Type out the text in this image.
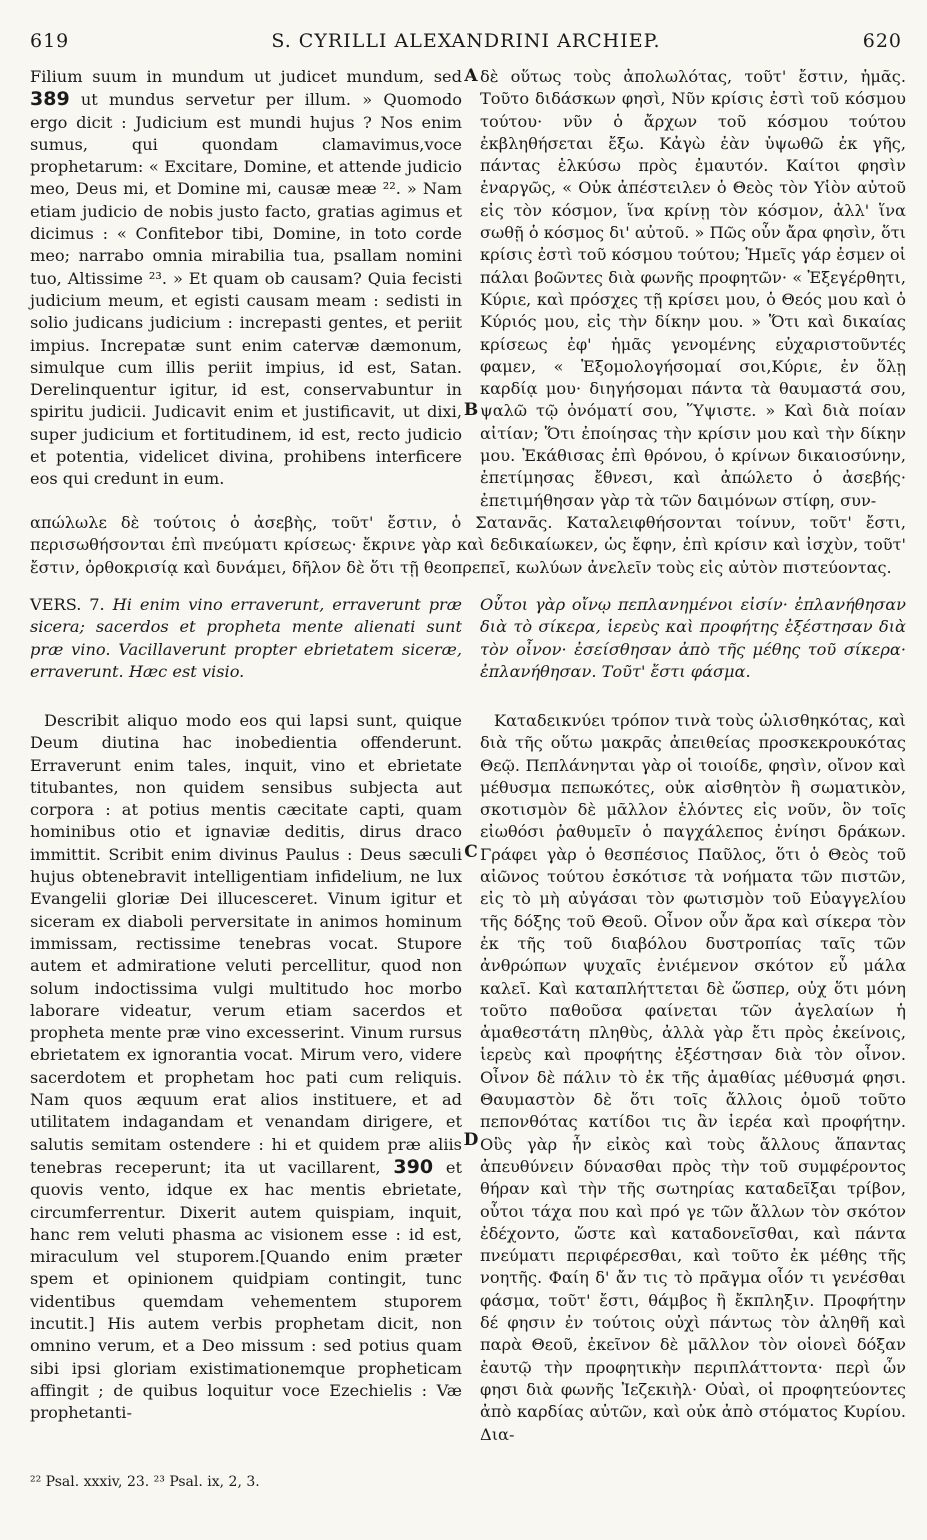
619	S. CYRILLI ALEXANDRINI ARCHIEP.	620

Filium suum in mundum ut judicet mundum, sed 389 ut mundus servetur per illum. » Quomodo ergo dicit : Judicium est mundi hujus ? Nos enim sumus, qui quondam clamavimus,voce prophetarum: « Excitare, Domine, et attende judicio meo, Deus mi, et Domine mi, causæ meæ ²². » Nam etiam judicio de nobis justo facto, gratias agimus et dicimus : « Confitebor tibi, Domine, in toto corde meo; narrabo omnia mirabilia tua, psallam nomini tuo, Altissime ²³. » Et quam ob causam? Quia fecisti judicium meum, et egisti causam meam : sedisti in solio judicans judicium : increpasti gentes, et periit impius. Increpatæ sunt enim catervæ dæmonum, simulque cum illis periit impius, id est, Satan. Derelinquentur igitur, id est, conservabuntur in spiritu judicii. Judicavit enim et justificavit, ut dixi, super judicium et fortitudinem, id est, recto judicio et potentia, videlicet divina, prohibens interficere eos qui credunt in eum.

δὲ οὕτως τοὺς ἀπολωλότας, τοῦτ' ἔστιν, ἡμᾶς. Τοῦτο διδάσκων φησὶ, Νῦν κρίσις ἐστὶ τοῦ κόσμου τούτου· νῦν ὁ ἄρχων τοῦ κόσμου τούτου ἐκβληθήσεται ἔξω. Κἀγὼ ἐὰν ὑψωθῶ ἐκ γῆς, πάντας ἑλκύσω πρὸς ἐμαυτόν. Καίτοι φησὶν ἐναργῶς, « Οὐκ ἀπέστειλεν ὁ Θεὸς τὸν Υἱὸν αὐτοῦ εἰς τὸν κόσμον, ἵνα κρίνῃ τὸν κόσμον, ἀλλ' ἵνα σωθῇ ὁ κόσμος δι' αὐτοῦ. » Πῶς οὖν ἄρα φησὶν, ὅτι κρίσις ἐστὶ τοῦ κόσμου τούτου; Ἡμεῖς γάρ ἐσμεν οἱ πάλαι βοῶντες διὰ φωνῆς προφητῶν· « Ἐξεγέρθητι, Κύριε, καὶ πρόσχες τῇ κρίσει μου, ὁ Θεός μου καὶ ὁ Κύριός μου, εἰς τὴν δίκην μου. » Ὅτι καὶ δικαίας κρίσεως ἐφ' ἡμᾶς γενομένης εὐχαριστοῦντές φαμεν, « Ἐξομολογήσομαί σοι,Κύριε, ἐν ὅλῃ καρδίᾳ μου· διηγήσομαι πάντα τὰ θαυμαστά σου, ψαλῶ τῷ ὀνόματί σου, Ὕψιστε. » Καὶ διὰ ποίαν αἰτίαν; Ὅτι ἐποίησας τὴν κρίσιν μου καὶ τὴν δίκην μου. Ἐκάθισας ἐπὶ θρόνου, ὁ κρίνων δικαιοσύνην, ἐπετίμησας ἔθνεσι, καὶ ἀπώλετο ὁ ἀσεβής· ἐπετιμήθησαν γὰρ τὰ τῶν δαιμόνων στίφη, συν-

A
B

απώλωλε δὲ τούτοις ὁ ἀσεβὴς, τοῦτ' ἔστιν, ὁ Σατανᾶς. Καταλειφθήσονται τοίνυν, τοῦτ' ἔστι, περισωθήσονται ἐπὶ πνεύματι κρίσεως· ἔκρινε γὰρ καὶ δεδικαίωκεν, ὡς ἔφην, ἐπὶ κρίσιν καὶ ἰσχὺν, τοῦτ' ἔστιν, ὀρθοκρισίᾳ καὶ δυνάμει, δῆλον δὲ ὅτι τῇ θεοπρεπεῖ, κωλύων ἀνελεῖν τοὺς εἰς αὐτὸν πιστεύοντας.

VERS. 7. Hi enim vino erraverunt, erraverunt præ sicera; sacerdos et propheta mente alienati sunt præ vino. Vacillaverunt propter ebrietatem siceræ, erraverunt. Hæc est visio.

Οὗτοι γὰρ οἴνῳ πεπλανημένοι εἰσίν· ἐπλανήθησαν διὰ τὸ σίκερα, ἱερεὺς καὶ προφήτης ἐξέστησαν διὰ τὸν οἶνον· ἐσείσθησαν ἀπὸ τῆς μέθης τοῦ σίκερα· ἐπλανήθησαν. Τοῦτ' ἔστι φάσμα.

Describit aliquo modo eos qui lapsi sunt, quique Deum diutina hac inobedientia offenderunt. Erraverunt enim tales, inquit, vino et ebrietate titubantes, non quidem sensibus subjecta aut corpora : at potius mentis cæcitate capti, quam hominibus otio et ignaviæ deditis, dirus draco immittit. Scribit enim divinus Paulus : Deus sæculi hujus obtenebravit intelligentiam infidelium, ne lux Evangelii gloriæ Dei illucesceret. Vinum igitur et siceram ex diaboli perversitate in animos hominum immissam, rectissime tenebras vocat. Stupore autem et admiratione veluti percellitur, quod non solum indoctissima vulgi multitudo hoc morbo laborare videatur, verum etiam sacerdos et propheta mente præ vino excesserint. Vinum rursus ebrietatem ex ignorantia vocat. Mirum vero, videre sacerdotem et prophetam hoc pati cum reliquis. Nam quos æquum erat alios instituere, et ad utilitatem indagandam et venandam dirigere, et salutis semitam ostendere : hi et quidem præ aliis tenebras receperunt; ita ut vacillarent, 390 et quovis vento, idque ex hac mentis ebrietate, circumferrentur. Dixerit autem quispiam, inquit, hanc rem veluti phasma ac visionem esse : id est, miraculum vel stuporem.[Quando enim præter spem et opinionem quidpiam contingit, tunc videntibus quemdam vehementem stuporem incutit.] His autem verbis prophetam dicit, non omnino verum, et a Deo missum : sed potius quam sibi ipsi gloriam existimationemque propheticam affingit ; de quibus loquitur voce Ezechielis : Væ prophetanti-

Καταδεικνύει τρόπον τινὰ τοὺς ὠλισθηκότας, καὶ διὰ τῆς οὕτω μακρᾶς ἀπειθείας προσκεκρουκότας Θεῷ. Πεπλάνηνται γὰρ οἱ τοιοίδε, φησὶν, οἴνον καὶ μέθυσμα πεπωκότες, οὐκ αἰσθητὸν ἢ σωματικὸν, σκοτισμὸν δὲ μᾶλλον ἑλόντες εἰς νοῦν, ὃν τοῖς εἰωθόσι ῥαθυμεῖν ὁ παγχάλεπος ἐνίησι δράκων. Γράφει γὰρ ὁ θεσπέσιος Παῦλος, ὅτι ὁ Θεὸς τοῦ αἰῶνος τούτου ἐσκότισε τὰ νοήματα τῶν πιστῶν, εἰς τὸ μὴ αὐγάσαι τὸν φωτισμὸν τοῦ Εὐαγγελίου τῆς δόξης τοῦ Θεοῦ. Οἶνον οὖν ἄρα καὶ σίκερα τὸν ἐκ τῆς τοῦ διαβόλου δυστροπίας ταῖς τῶν ἀνθρώπων ψυχαῖς ἐνιέμενον σκότον εὖ μάλα καλεῖ. Καὶ καταπλήττεται δὲ ὥσπερ, οὐχ ὅτι μόνη τοῦτο παθοῦσα φαίνεται τῶν ἀγελαίων ἡ ἀμαθεστάτη πληθὺς, ἀλλὰ γὰρ ἔτι πρὸς ἐκείνοις, ἱερεὺς καὶ προφήτης ἐξέστησαν διὰ τὸν οἶνον. Οἶνον δὲ πάλιν τὸ ἐκ τῆς ἀμαθίας μέθυσμά φησι. Θαυμαστὸν δὲ ὅτι τοῖς ἄλλοις ὁμοῦ τοῦτο πεπονθότας κατίδοι τις ἂν ἱερέα καὶ προφήτην. Οὓς γὰρ ἦν εἰκὸς καὶ τοὺς ἄλλους ἅπαντας ἀπευθύνειν δύνασθαι πρὸς τὴν τοῦ συμφέροντος θήραν καὶ τὴν τῆς σωτηρίας καταδεῖξαι τρίβον, οὗτοι τάχα που καὶ πρό γε τῶν ἄλλων τὸν σκότον ἐδέχοντο, ὥστε καὶ καταδονεῖσθαι, καὶ πάντα πνεύματι περιφέρεσθαι, καὶ τοῦτο ἐκ μέθης τῆς νοητῆς. Φαίη δ' ἄν τις τὸ πρᾶγμα οἷόν τι γενέσθαι φάσμα, τοῦτ' ἔστι, θάμβος ἢ ἔκπληξιν. Προφήτην δέ φησιν ἐν τούτοις οὐχὶ πάντως τὸν ἀληθῆ καὶ παρὰ Θεοῦ, ἐκεῖνον δὲ μᾶλλον τὸν οἱονεὶ δόξαν ἑαυτῷ τὴν προφητικὴν περιπλάττοντα· περὶ ὧν φησι διὰ φωνῆς Ἰεζεκιὴλ· Οὐαὶ, οἱ προφητεύοντες ἀπὸ καρδίας αὐτῶν, καὶ οὐκ ἀπὸ στόματος Κυρίου. Δια-

C
D
²² Psal. xxxiv, 23. ²³ Psal. ix, 2, 3.
